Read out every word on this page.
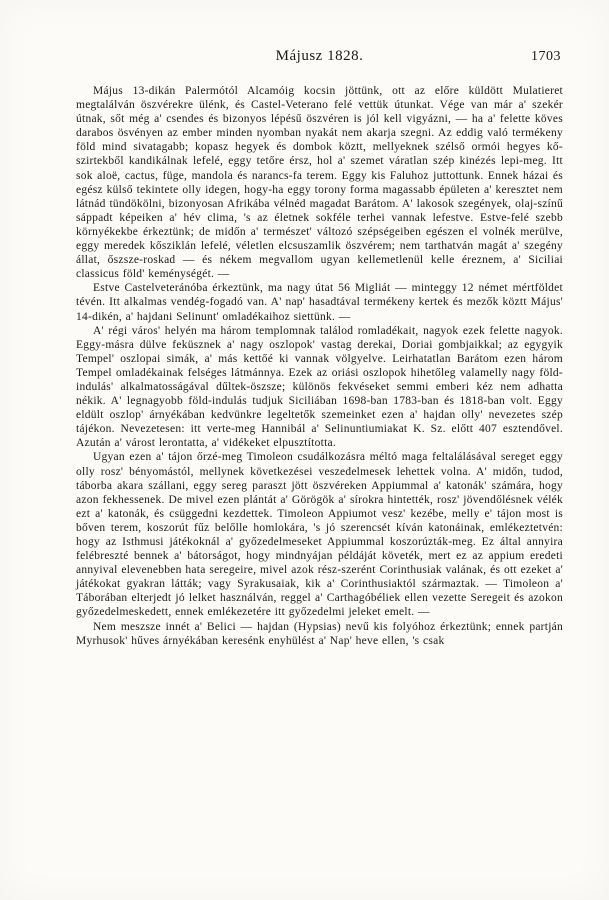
Májusz 1828.	1703

Május 13-dikán Palermótól Alcamóig kocsin jöttünk, ott az előre küldött Mulatieret megtalálván öszvérekre ülénk, és Castel-Veterano felé vettük útunkat. Vége van már a' szekér útnak, sőt még a' csendes és bizonyos lépésű öszvéren is jól kell vigyázni, — ha a' felette köves darabos ösvényen az ember minden nyomban nyakát nem akarja szegni. Az eddig való termékeny föld mind sivatagabb; kopasz hegyek és dombok köztt, mellyeknek szélső ormói hegyes kő-szirtekből kandikálnak lefelé, eggy tetőre érsz, hol a' szemet váratlan szép kinézés lepi-meg. Itt sok aloë, cactus, füge, mandola és narancs-fa terem. Eggy kis Faluhoz juttottunk. Ennek házai és egész külső tekintete olly idegen, hogy-ha eggy torony forma magassabb épületen a' keresztet nem látnád tündökölni, bizonyosan Afrikába vélnéd magadat Barátom. A' lakosok szegények, olaj-színű sáppadt képeiken a' hév clima, 's az életnek sokféle terhei vannak lefestve. Estve-felé szebb környékekbe érkeztünk; de midőn a' természet' változó szépségeiben egészen el volnék merülve, eggy meredek kősziklán lefelé, véletlen elcsuszamlik öszvérem; nem tarthatván magát a' szegény állat, őszsze-roskad — és nékem megvallom ugyan kellemetlenül kelle éreznem, a' Siciliai classicus föld' keménységét. —

Estve Castelveteránóba érkeztünk, ma nagy útat 56 Migliát — minteggy 12 német mértföldet tévén. Itt alkalmas vendég-fogadó van. A' nap' hasadtával termékeny kertek és mezők köztt Május' 14-dikén, a' hajdani Selinunt' omladékaihoz siettünk. —

A' régi város' helyén ma három templomnak találod romladékait, nagyok ezek felette nagyok. Eggy-másra dülve feküsznek a' nagy oszlopok' vastag derekai, Doriai gombjaikkal; az egygyik Tempel' oszlopai simák, a' más kettőé ki vannak völgyelve. Leirhatatlan Barátom ezen három Tempel omladékainak felséges látmánnya. Ezek az oriási oszlopok hihetőleg valamelly nagy föld-indulás' alkalmatosságával dűltek-öszsze; különös fekvéseket semmi emberi kéz nem adhatta nékik. A' legnagyobb föld-indulás tudjuk Siciliában 1698-ban 1783-ban és 1818-ban volt. Eggy eldült oszlop' árnyékában kedvünkre legeltetők szemeinket ezen a' hajdan olly' nevezetes szép tájékon. Nevezetesen: itt verte-meg Hannibál a' Selinuntiumiakat K. Sz. előtt 407 esztendővel. Azután a' várost lerontatta, a' vidékeket elpusztította.

Ugyan ezen a' tájon őrzé-meg Timoleon csudálkozásra méltó maga feltalálásával sereget eggy olly rosz' bényomástól, mellynek következései veszedelmesek lehettek volna. A' midőn, tudod, táborba akara szállani, eggy sereg paraszt jött öszvéreken Appiummal a' katonák' számára, hogy azon fekhessenek. De mivel ezen plántát a' Görögök a' sírokra hintették, rosz' jövendőlésnek vélék ezt a' katonák, és csüggedni kezdettek. Timoleon Appiumot vesz' kezébe, melly e' tájon most is bőven terem, koszorút fűz belőlle homlokára, 's jó szerencsét kíván katonáinak, emlékeztetvén: hogy az Isthmusi játékoknál a' győzedelmeseket Appiummal koszorúzták-meg. Ez által annyira felébreszté bennek a' bátorságot, hogy mindnyájan példáját követék, mert ez az appium eredeti annyival elevenebben hata seregeire, mivel azok rész-szerént Corinthusiak valának, és ott ezeket a' játékokat gyakran látták; vagy Syrakusaiak, kik a' Corinthusiaktól származtak. — Timoleon a' Táborában elterjedt jó lelket használván, reggel a' Carthagóbéliek ellen vezette Seregeit és azokon győzedelmeskedett, ennek emlékezetére itt győzedelmi jeleket emelt. —

Nem meszsze innét a' Belici — hajdan (Hypsias) nevű kis folyóhoz érkeztünk; ennek partján Myrhusok' hűves árnyékában keresénk enyhülést a' Nap' heve ellen, 's csak
